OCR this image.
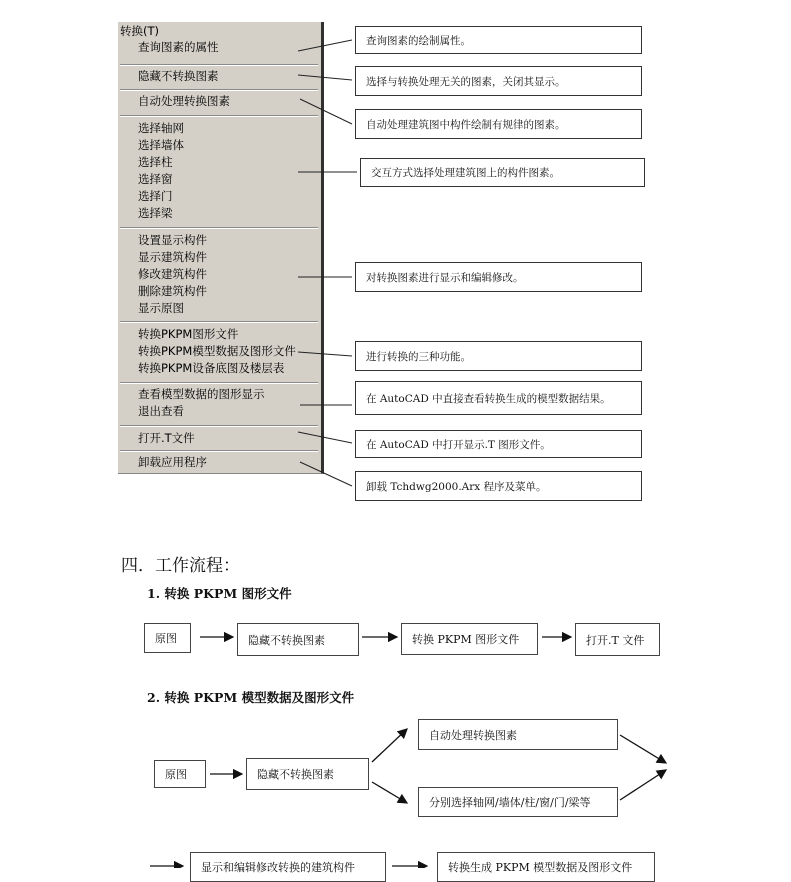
转换(T)
查询图素的属性
隐藏不转换图素
自动处理转换图素
选择轴网
选择墙体
选择柱
选择窗
选择门
选择梁
设置显示构件
显示建筑构件
修改建筑构件
删除建筑构件
显示原图
转换PKPM图形文件
转换PKPM模型数据及图形文件
转换PKPM设备底图及楼层表
查看模型数据的图形显示
退出查看
打开.T文件
卸载应用程序
查询图素的绘制属性。
选择与转换处理无关的图素，关闭其显示。
自动处理建筑图中构件绘制有规律的图素。
交互方式选择处理建筑图上的构件图素。
对转换图素进行显示和编辑修改。
进行转换的三种功能。
在 AutoCAD 中直接查看转换生成的模型数据结果。
在 AutoCAD 中打开显示.T 图形文件。
卸载 Tchdwg2000.Arx 程序及菜单。
四．工作流程：
1. 转换 PKPM 图形文件
原图	隐藏不转换图素	转换 PKPM 图形文件	打开.T 文件
2. 转换 PKPM 模型数据及图形文件
原图	隐藏不转换图素
自动处理转换图素
分别选择轴网/墙体/柱/窗/门/梁等
显示和编辑修改转换的建筑构件	转换生成 PKPM 模型数据及图形文件
